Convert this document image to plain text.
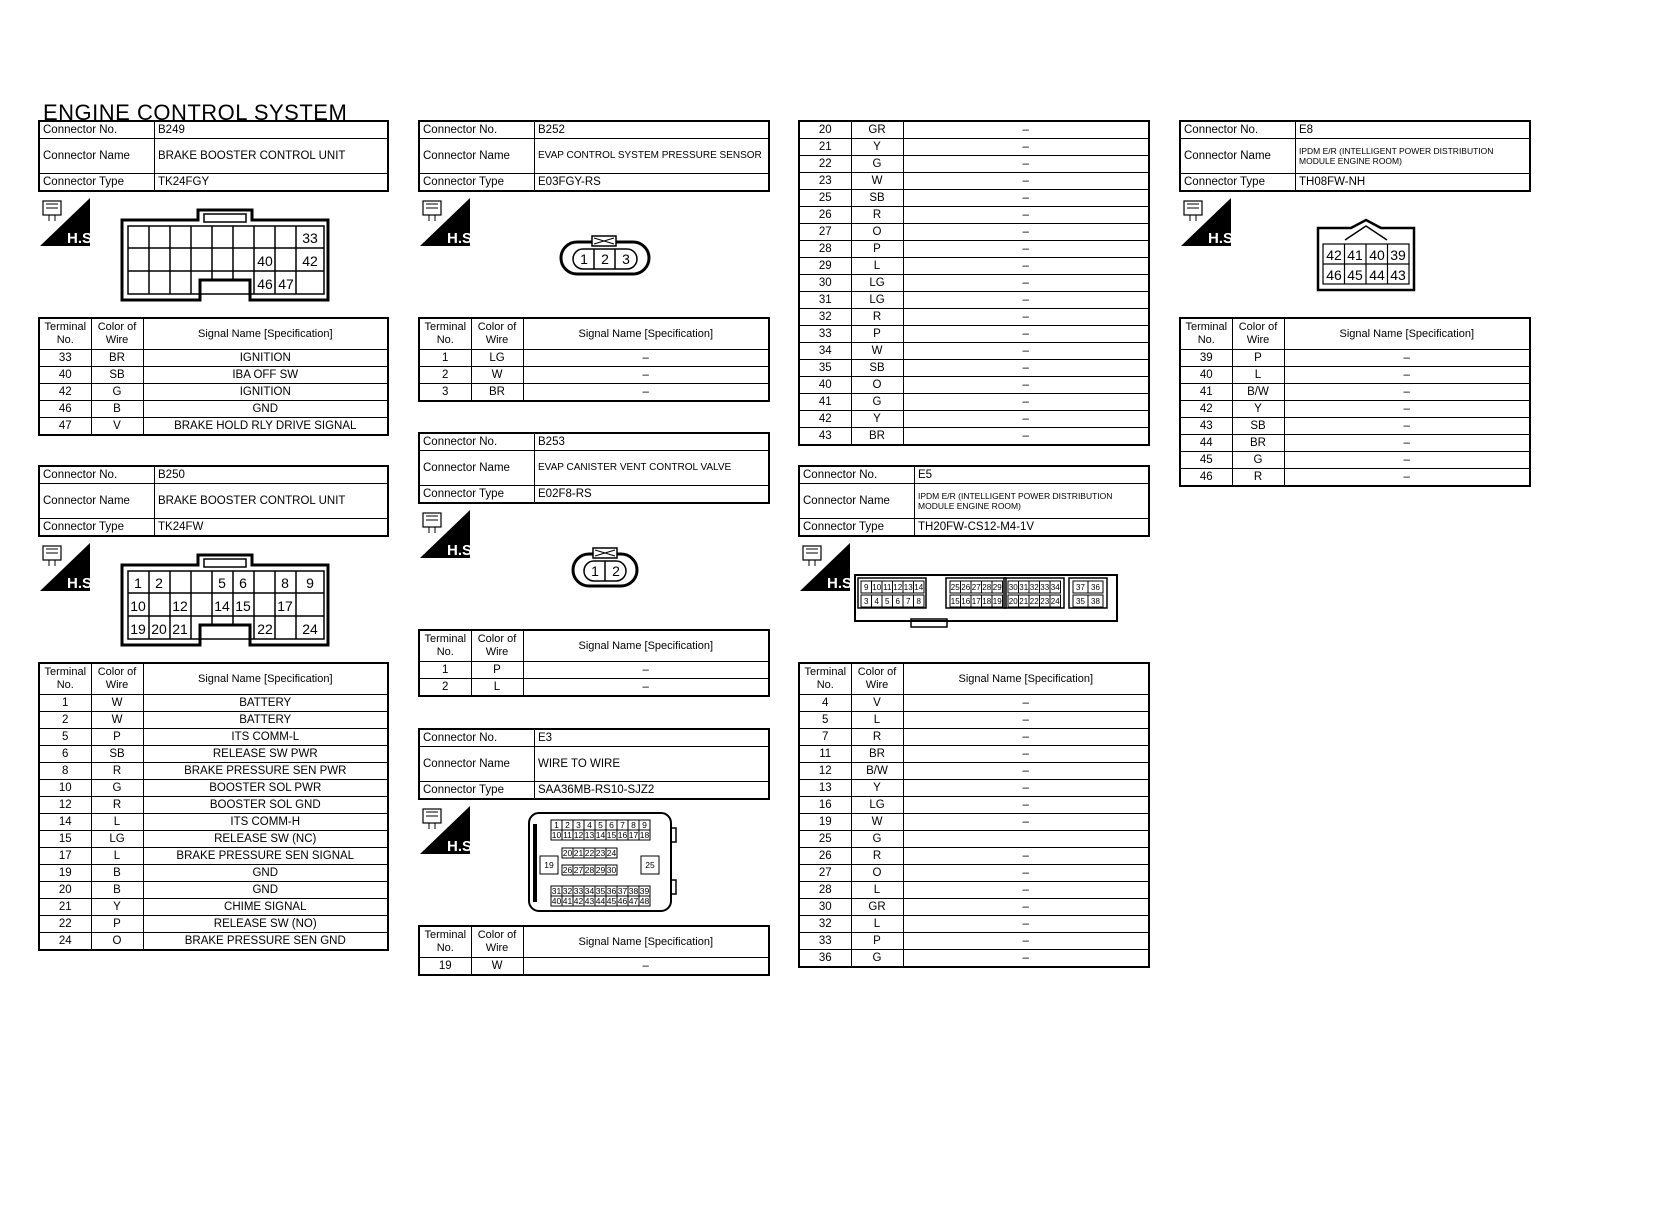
ENGINE CONTROL SYSTEM
Connector No.	B249
Connector Name	BRAKE BOOSTER CONTROL UNIT
Connector Type	TK24FGY
H.S.	33
40 42
46 47
Terminal No.	Color of Wire	Signal Name [Specification]
33	BR	IGNITION
40	SB	IBA OFF SW
42	G	IGNITION
46	B	GND
47	V	BRAKE HOLD RLY DRIVE SIGNAL
Connector No.	B250
Connector Name	BRAKE BOOSTER CONTROL UNIT
Connector Type	TK24FW
H.S.	1 2	5 6 8 9
10 12 14 15 17
19 20 21	22 24
Terminal No.	Color of Wire	Signal Name [Specification]
1	W	BATTERY
2	W	BATTERY
5	P	ITS COMM-L
6	SB	RELEASE SW PWR
8	R	BRAKE PRESSURE SEN PWR
10	G	BOOSTER SOL PWR
12	R	BOOSTER SOL GND
14	L	ITS COMM-H
15	LG	RELEASE SW (NC)
17	L	BRAKE PRESSURE SEN SIGNAL
19	B	GND
20	B	GND
21	Y	CHIME SIGNAL
22	P	RELEASE SW (NO)
24	O	BRAKE PRESSURE SEN GND
Connector No.	B252
Connector Name	EVAP CONTROL SYSTEM PRESSURE SENSOR
Connector Type	E03FGY-RS
H.S.
1 2 3
Terminal No.	Color of Wire	Signal Name [Specification]
1	LG	–
2	W	–
3	BR	–
Connector No.	B253
Connector Name	EVAP CANISTER VENT CONTROL VALVE
Connector Type	E02F8-RS
H.S.
1 2
Terminal No.	Color of Wire	Signal Name [Specification]
1	P	–
2	L	–
Connector No.	E3
Connector Name	WIRE TO WIRE
Connector Type	SAA36MB-RS10-SJZ2
H.S.
1 2 3 4 5 6 7 8 9
10 11 12 13 14 15 16 17 18
20 21 22 23 24
26 27 28 29 30
31 32 33 34 35 36 37 38 39
40 41 42 43 44 45 46 47 48
19	25
Terminal No.	Color of Wire	Signal Name [Specification]
19	W	–
20	GR	–
21	Y	–
22	G	–
23	W	–
25	SB	–
26	R	–
27	O	–
28	P	–
29	L	–
30	LG	–
31	LG	–
32	R	–
33	P	–
34	W	–
35	SB	–
40	O	–
41	G	–
42	Y	–
43	BR	–
Connector No.	E5
Connector Name	IPDM E/R (INTELLIGENT POWER DISTRIBUTION MODULE ENGINE ROOM)
Connector Type	TH20FW-CS12-M4-1V
H.S. 9 10 11 12 13 14
3 4 5 6 7 8
25 26 27 28 29 30 31 32 33 34
15 16 17 18 19 20 21 22 23 24
37 36
35 38
Terminal No.	Color of Wire	Signal Name [Specification]
4	V	–
5	L	–
7	R	–
11	BR	–
12	B/W	–
13	Y	–
16	LG	–
19	W	–
25	G	
26	R	–
27	O	–
28	L	–
30	GR	–
32	L	–
33	P	–
36	G	–
Connector No.	E8
Connector Name	IPDM E/R (INTELLIGENT POWER DISTRIBUTION MODULE ENGINE ROOM)
Connector Type	TH08FW-NH
H.S.
42 41 40 39
46 45 44 43
Terminal No.	Color of Wire	Signal Name [Specification]
39	P	–
40	L	–
41	B/W	–
42	Y	–
43	SB	–
44	BR	–
45	G	–
46	R	–
